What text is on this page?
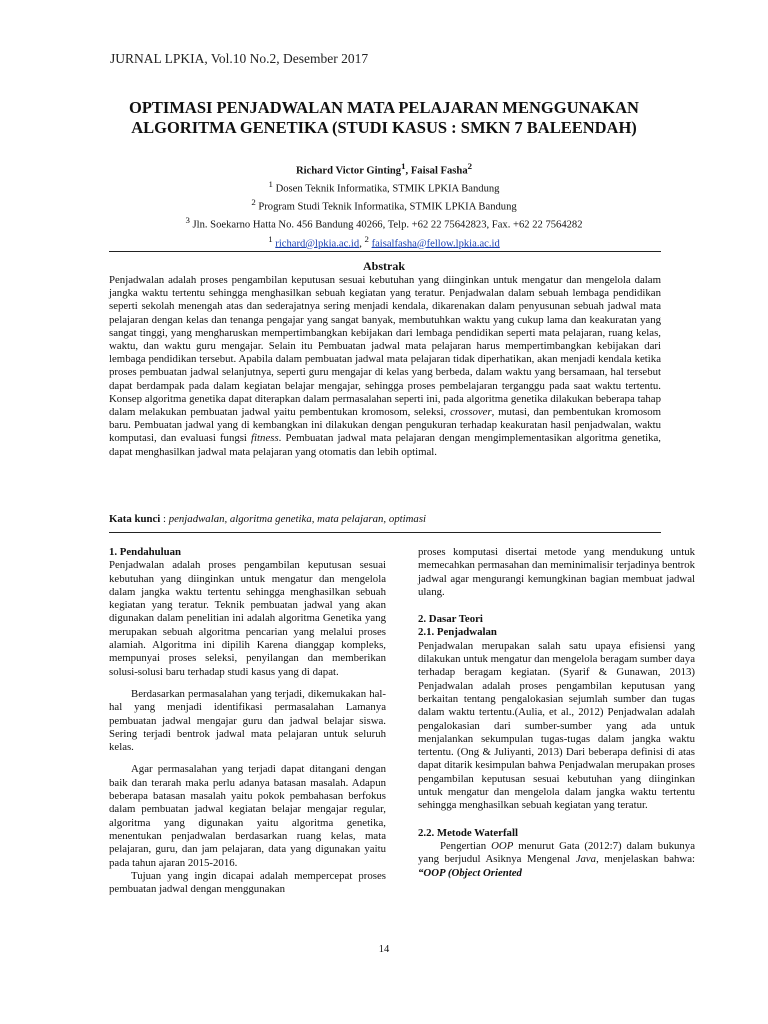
JURNAL LPKIA, Vol.10 No.2, Desember 2017
OPTIMASI PENJADWALAN MATA PELAJARAN MENGGUNAKAN
ALGORITMA GENETIKA (STUDI KASUS : SMKN 7 BALEENDAH)
Richard Victor Ginting$^1$, Faisal Fasha$^2$
$^1$ Dosen Teknik Informatika, STMIK LPKIA Bandung
$^2$ Program Studi Teknik Informatika, STMIK LPKIA Bandung
$^3$ Jln. Soekarno Hatta No. 456 Bandung 40266, Telp. +62 22 75642823, Fax. +62 22 7564282
$^1$ richard@lpkia.ac.id, $^2$ faisalfasha@fellow.lpkia.ac.id
Abstrak

Penjadwalan adalah proses pengambilan keputusan sesuai kebutuhan yang diinginkan untuk mengatur dan mengelola dalam jangka waktu tertentu sehingga menghasilkan sebuah kegiatan yang teratur. Penjadwalan dalam sebuah lembaga pendidikan seperti sekolah menengah atas dan sederajatnya sering menjadi kendala, dikarenakan dalam penyusunan sebuah jadwal mata pelajaran dengan kelas dan tenanga pengajar yang sangat banyak, membutuhkan waktu yang cukup lama dan keakuratan yang sangat tinggi, yang mengharuskan mempertimbangkan kebijakan dari lembaga pendidikan seperti mata pelajaran, ruang kelas, waktu, dan waktu guru mengajar. Selain itu Pembuatan jadwal mata pelajaran harus mempertimbangkan kebijakan dari lembaga pendidikan tersebut. Apabila dalam pembuatan jadwal mata pelajaran tidak diperhatikan, akan menjadi kendala ketika proses pembuatan jadwal selanjutnya, seperti guru mengajar di kelas yang berbeda, dalam waktu yang bersamaan, hal tersebut dapat berdampak pada dalam kegiatan belajar mengajar, sehingga proses pembelajaran terganggu pada saat waktu tertentu. Konsep algoritma genetika dapat diterapkan dalam permasalahan seperti ini, pada algoritma genetika dilakukan beberapa tahap dalam melakukan pembuatan jadwal yaitu pembentukan kromosom, seleksi, crossover, mutasi, dan pembentukan kromosom baru. Pembuatan jadwal yang di kembangkan ini dilakukan dengan pengukuran terhadap keakuratan hasil penjadwalan, waktu komputasi, dan evaluasi fungsi fitness. Pembuatan jadwal mata pelajaran dengan mengimplementasikan algoritma genetika, dapat menghasilkan jadwal mata pelajaran yang otomatis dan lebih optimal.

Kata kunci : penjadwalan, algoritma genetika, mata pelajaran, optimasi

1. Pendahuluan

Penjadwalan adalah proses pengambilan keputusan sesuai kebutuhan yang diinginkan untuk mengatur dan mengelola dalam jangka waktu tertentu sehingga menghasilkan sebuah kegiatan yang teratur. Teknik pembuatan jadwal yang akan digunakan dalam penelitian ini adalah algoritma Genetika yang merupakan sebuah algoritma pencarian yang melalui proses alamiah. Algoritma ini dipilih Karena dianggap kompleks, mempunyai proses seleksi, penyilangan dan memberikan solusi-solusi baru terhadap studi kasus yang di dapat.

Berdasarkan permasalahan yang terjadi, dikemukakan hal-hal yang menjadi identifikasi permasalahan Lamanya pembuatan jadwal mengajar guru dan jadwal belajar siswa. Sering terjadi bentrok jadwal mata pelajaran untuk seluruh kelas.

Agar permasalahan yang terjadi dapat ditangani dengan baik dan terarah maka perlu adanya batasan masalah. Adapun beberapa batasan masalah yaitu pokok pembahasan berfokus dalam pembuatan jadwal kegiatan belajar mengajar regular, algoritma yang digunakan yaitu algoritma genetika, menentukan penjadwalan berdasarkan ruang kelas, mata pelajaran, guru, dan jam pelajaran, data yang digunakan yaitu pada tahun ajaran 2015-2016.

Tujuan yang ingin dicapai adalah mempercepat proses pembuatan jadwal dengan menggunakan

proses komputasi disertai metode yang mendukung untuk memecahkan permasahan dan meminimalisir terjadinya bentrok jadwal agar mengurangi kemungkinan bagian membuat jadwal ulang.

2. Dasar Teori

2.1. Penjadwalan

Penjadwalan merupakan salah satu upaya efisiensi yang dilakukan untuk mengatur dan mengelola beragam sumber daya terhadap beragam kegiatan. (Syarif & Gunawan, 2013) Penjadwalan adalah proses pengambilan keputusan yang berkaitan tentang pengalokasian sejumlah sumber dan tugas dalam waktu tertentu.(Aulia, et al., 2012) Penjadwalan adalah pengalokasian dari sumber-sumber yang ada untuk menjalankan sekumpulan tugas-tugas dalam jangka waktu tertentu. (Ong & Juliyanti, 2013) Dari beberapa definisi di atas dapat ditarik kesimpulan bahwa Penjadwalan merupakan proses pengambilan keputusan sesuai kebutuhan yang diinginkan untuk mengatur dan mengelola dalam jangka waktu tertentu sehingga menghasilkan sebuah kegiatan yang teratur.

2.2. Metode Waterfall

Pengertian OOP menurut Gata (2012:7) dalam bukunya yang berjudul Asiknya Mengenal Java, menjelaskan bahwa: “OOP (Object Oriented

14
